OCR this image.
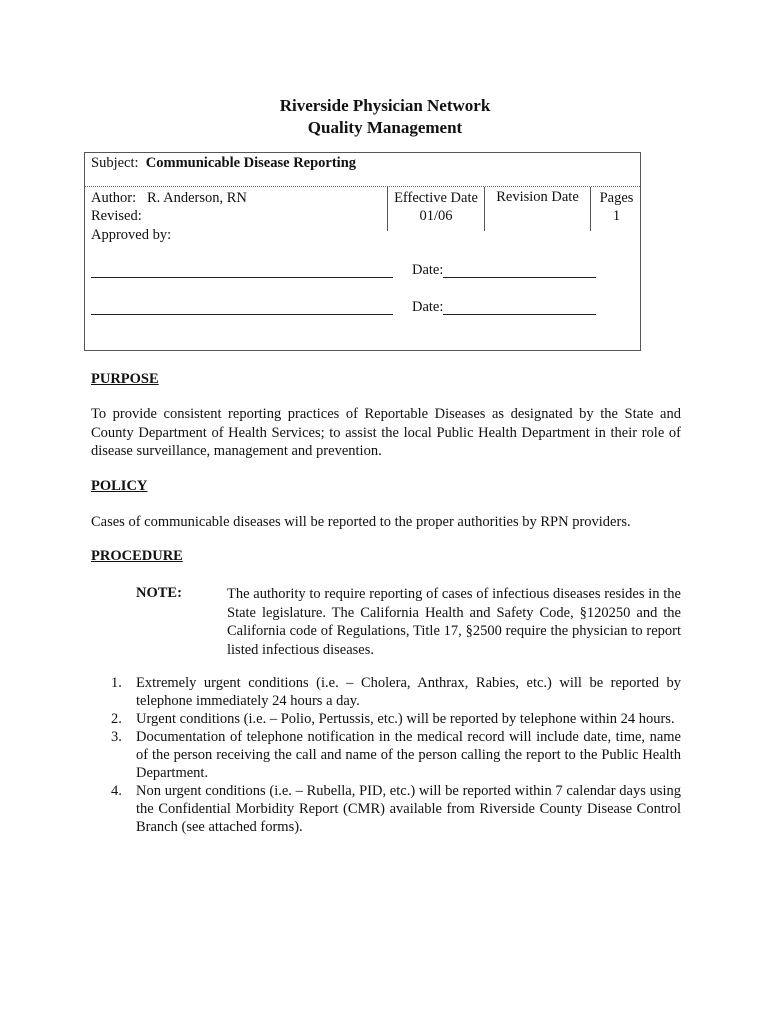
Riverside Physician Network
Quality Management
Subject: Communicable Disease Reporting
Author:   R. Anderson, RN
Revised:
Effective Date
01/06
Revision Date	Pages
1
Approved by:
Date:
Date:
PURPOSE
To provide consistent reporting practices of Reportable Diseases as designated by the State and County Department of Health Services; to assist the local Public Health Department in their role of disease surveillance, management and prevention.
POLICY
Cases of communicable diseases will be reported to the proper authorities by RPN providers.
PROCEDURE
NOTE:	The authority to require reporting of cases of infectious diseases resides in the State legislature. The California Health and Safety Code, §120250 and the California code of Regulations, Title 17, §2500 require the physician to report listed infectious diseases.
1. Extremely urgent conditions (i.e. – Cholera, Anthrax, Rabies, etc.) will be reported by telephone immediately 24 hours a day.
2. Urgent conditions (i.e. – Polio, Pertussis, etc.) will be reported by telephone within 24 hours.
3. Documentation of telephone notification in the medical record will include date, time, name of the person receiving the call and name of the person calling the report to the Public Health Department.
4. Non urgent conditions (i.e. – Rubella, PID, etc.) will be reported within 7 calendar days using the Confidential Morbidity Report (CMR) available from Riverside County Disease Control Branch (see attached forms).
